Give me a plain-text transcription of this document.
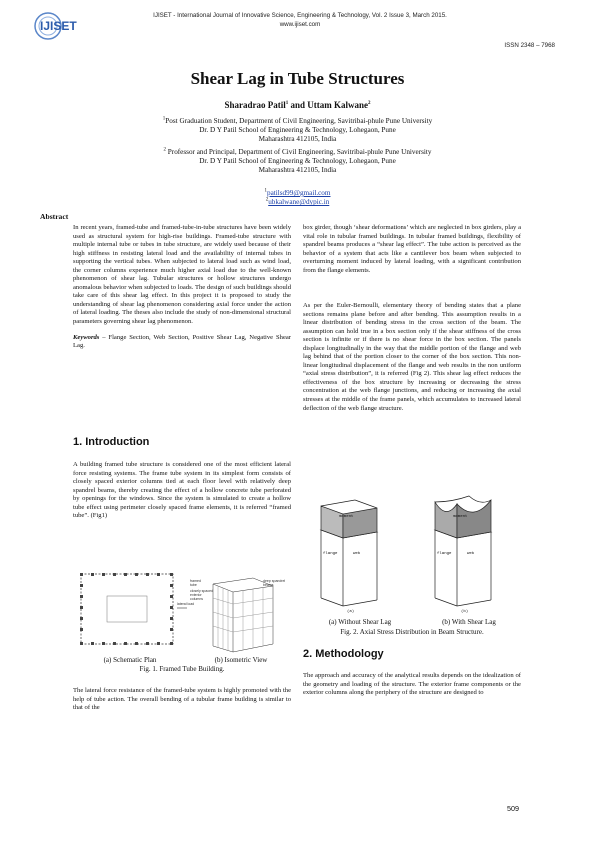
IJISET
IJISET - International Journal of Innovative Science, Engineering & Technology, Vol. 2 Issue 3, March 2015.
www.ijiset.com
ISSN 2348 – 7968
Shear Lag in Tube Structures
Sharadrao Patil$^1$ and Uttam Kalwane$^2$
$^1$Post Graduation Student, Department of Civil Engineering, Savitribai-phule Pune University
Dr. D Y Patil School of Engineering & Technology, Lohegaon, Pune
Maharashtra 412105, India
$^2$ Professor and Principal, Department of Civil Engineering, Savitribai-phule Pune University
Dr. D Y Patil School of Engineering & Technology, Lohegaon, Pune
Maharashtra 412105, India
$^1$patilsd99@gmail.com
$^2$ubkalwane@dypic.in
Abstract

In recent years, framed-tube and framed-tube-in-tube structures have been widely used as structural system for high-rise buildings. Framed-tube structure with multiple internal tube or tubes in tube structure, are widely used because of their high stiffness in resisting lateral load and the availability of internal tubes in supporting the vertical tubes. When subjected to lateral load such as wind load, the corner columns experience much higher axial load due to the well-known phenomenon of shear lag. Tubular structures or hollow structures undergo anomalous behavior when subjected to loads. The design of such buildings should take care of this shear lag effect. In this project it is proposed to study the understanding of shear lag phenomenon considering axial force under the action of lateral loading. The theses also include the study of non-dimensional structural parameters governing shear lag phenomenon.

Keywords – Flange Section, Web Section, Positive Shear Lag, Negative Shear Lag.

1. Introduction
A building framed tube structure is considered one of the most efficient lateral force resisting systems. The frame tube system in its simplest form consists of closely spaced exterior columns tied at each floor level with relatively deep spandrel beams, thereby creating the effect of a hollow concrete tube perforated by openings for the windows. Since the system is simulated to create a hollow tube effect using perimeter closely spaced frame elements, it is referred “framed tube”. (Fig1)
framed
tube
closely spaced
exterior
columns
deep spandrel
beams
lateral load
(a) Schematic Plan	(b) Isometric View
Fig. 1. Framed Tube Building.
The lateral force resistance of the framed-tube system is highly promoted with the help of tube action. The overall bending of a tubular frame building is similar to that of the
box girder, though ‘shear deformations’ which are neglected in box girders, play a vital role in tubular framed buildings. In tubular framed buildings, flexibility of spandrel beams produces a “shear lag effect”. The tube action is perceived as the behavior of a system that acts like a cantilever box beam when subjected to overturning moment induced by lateral loading, with a significant contribution from the flange elements.
As per the Euler-Bernoulli, elementary theory of bending states that a plane sections remains plane before and after bending. This assumption results in a linear distribution of bending stress in the cross section of the beam. The assumption can hold true in a box section only if the shear stiffness of the cross section is infinite or if there is no shear force in the box section. The panels displace longitudinally in the way that the middle portion of the flange and web lag behind that of the portion closer to the corner of the box section. This non-linear longitudinal displacement of the flange and web results in the non uniform “axial stress distribution”, it is referred (Fig 2). This shear lag effect reduces the effectiveness of the box structure by increasing or decreasing the stress concentration at the web flange junctions, and reducing or increasing the axial stresses at the middle of the frame panels, which accumulates to increased lateral deflection of the web flange structure.
moment	moment
flange	web	flange	web
(a)	(b)
(a) Without Shear Lag	(b) With Shear Lag
Fig. 2. Axial Stress Distribution in Beam Structure.
2. Methodology
The approach and accuracy of the analytical results depends on the idealization of the geometry and loading of the structure. The exterior frame components or the exterior columns along the periphery of the structure are designed to
509
